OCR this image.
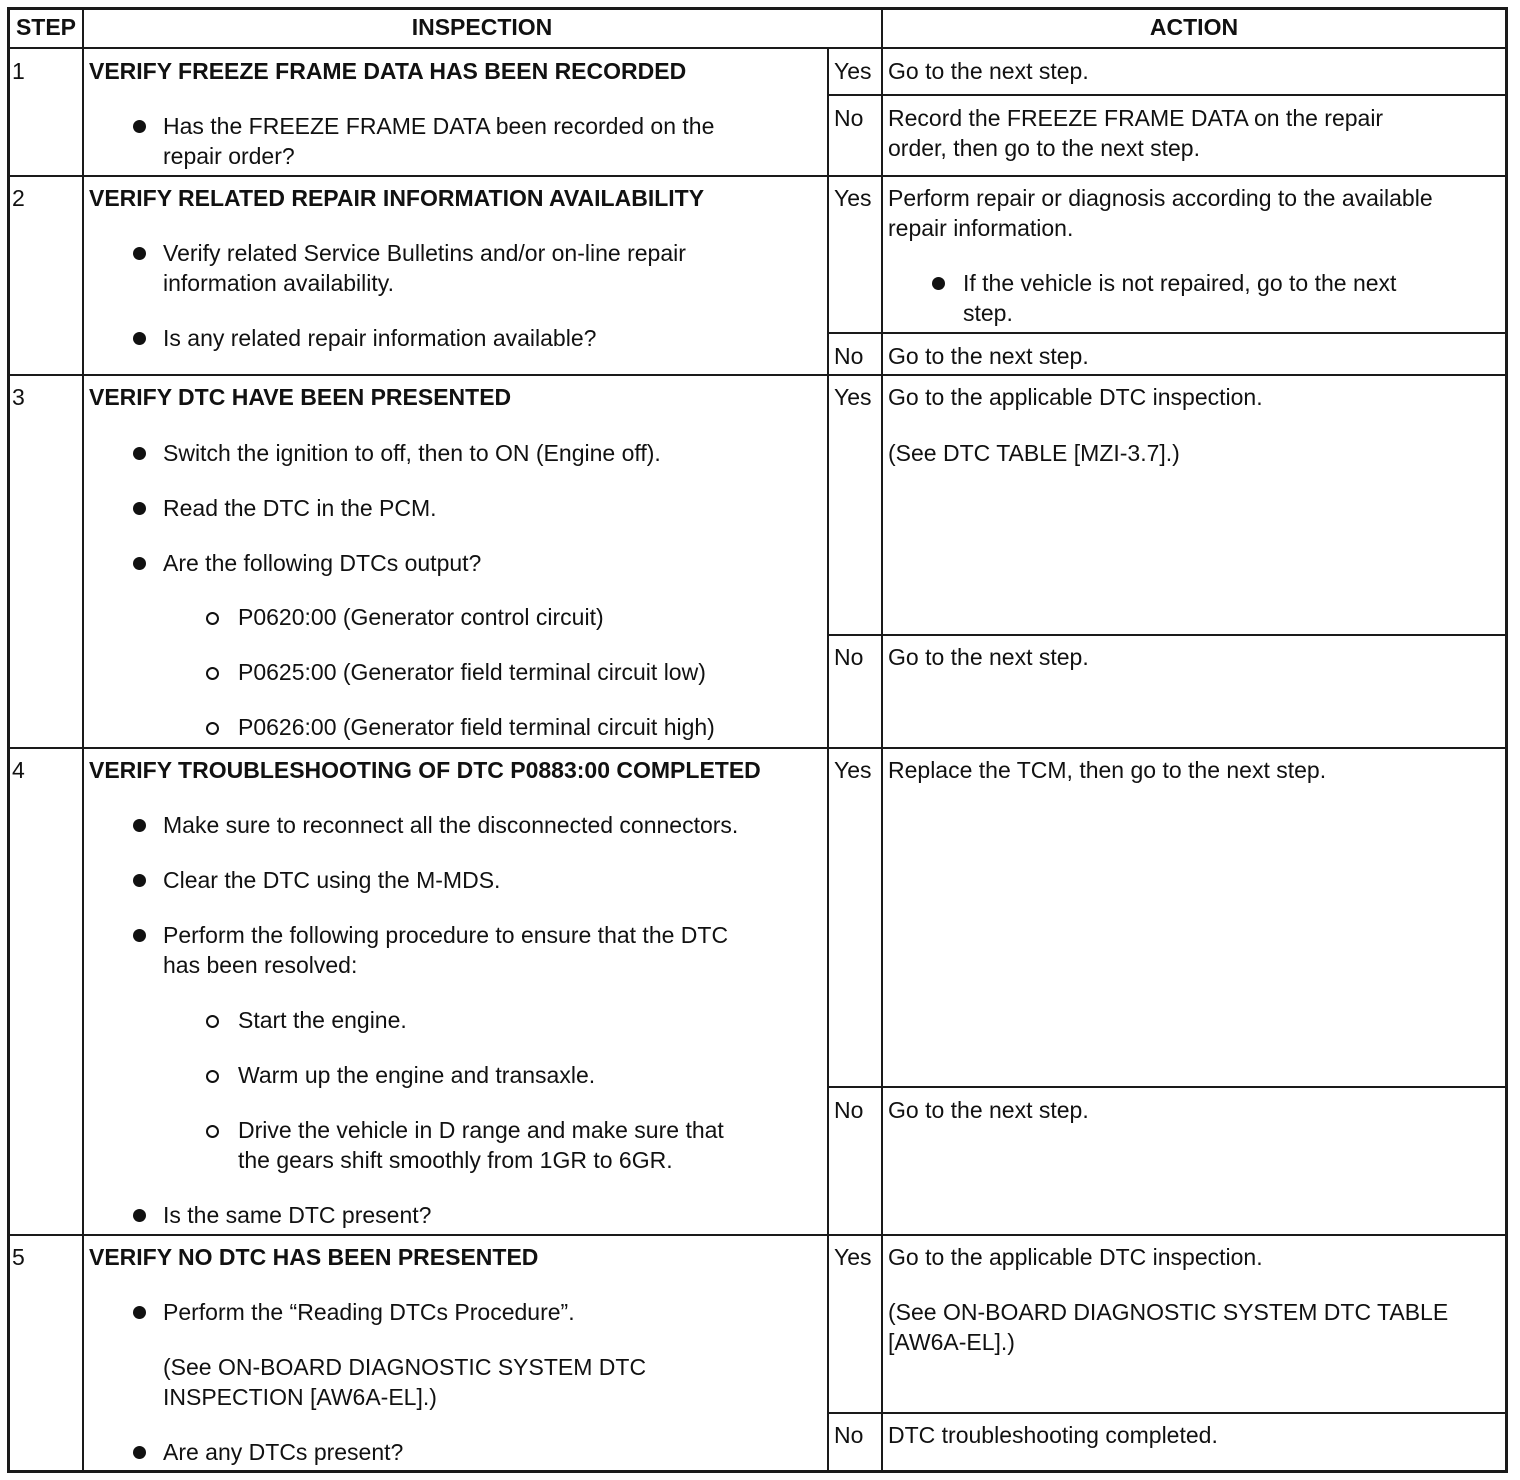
STEP	INSPECTION	ACTION
1	VERIFY FREEZE FRAME DATA HAS BEEN RECORDED
Has the FREEZE FRAME DATA been recorded on the
repair order?
Yes Go to the next step.
No Record the FREEZE FRAME DATA on the repair
order, then go to the next step.
2	VERIFY RELATED REPAIR INFORMATION AVAILABILITY
Verify related Service Bulletins and/or on-line repair
information availability.
Is any related repair information available?
Yes Perform repair or diagnosis according to the available
repair information.
If the vehicle is not repaired, go to the next
step.
No Go to the next step.
3	VERIFY DTC HAVE BEEN PRESENTED
Switch the ignition to off, then to ON (Engine off).
Read the DTC in the PCM.
Are the following DTCs output?
P0620:00 (Generator control circuit)
P0625:00 (Generator field terminal circuit low)
P0626:00 (Generator field terminal circuit high)
Yes Go to the applicable DTC inspection.
(See DTC TABLE [MZI-3.7].)
No Go to the next step.
4	VERIFY TROUBLESHOOTING OF DTC P0883:00 COMPLETED
Make sure to reconnect all the disconnected connectors.
Clear the DTC using the M-MDS.
Perform the following procedure to ensure that the DTC
has been resolved:
Start the engine.
Warm up the engine and transaxle.
Drive the vehicle in D range and make sure that
the gears shift smoothly from 1GR to 6GR.
Is the same DTC present?
Yes Replace the TCM, then go to the next step.
No Go to the next step.
5	VERIFY NO DTC HAS BEEN PRESENTED
Perform the “Reading DTCs Procedure”.
(See ON-BOARD DIAGNOSTIC SYSTEM DTC
INSPECTION [AW6A-EL].)
Are any DTCs present?
Yes Go to the applicable DTC inspection.
(See ON-BOARD DIAGNOSTIC SYSTEM DTC TABLE
[AW6A-EL].)
No DTC troubleshooting completed.
